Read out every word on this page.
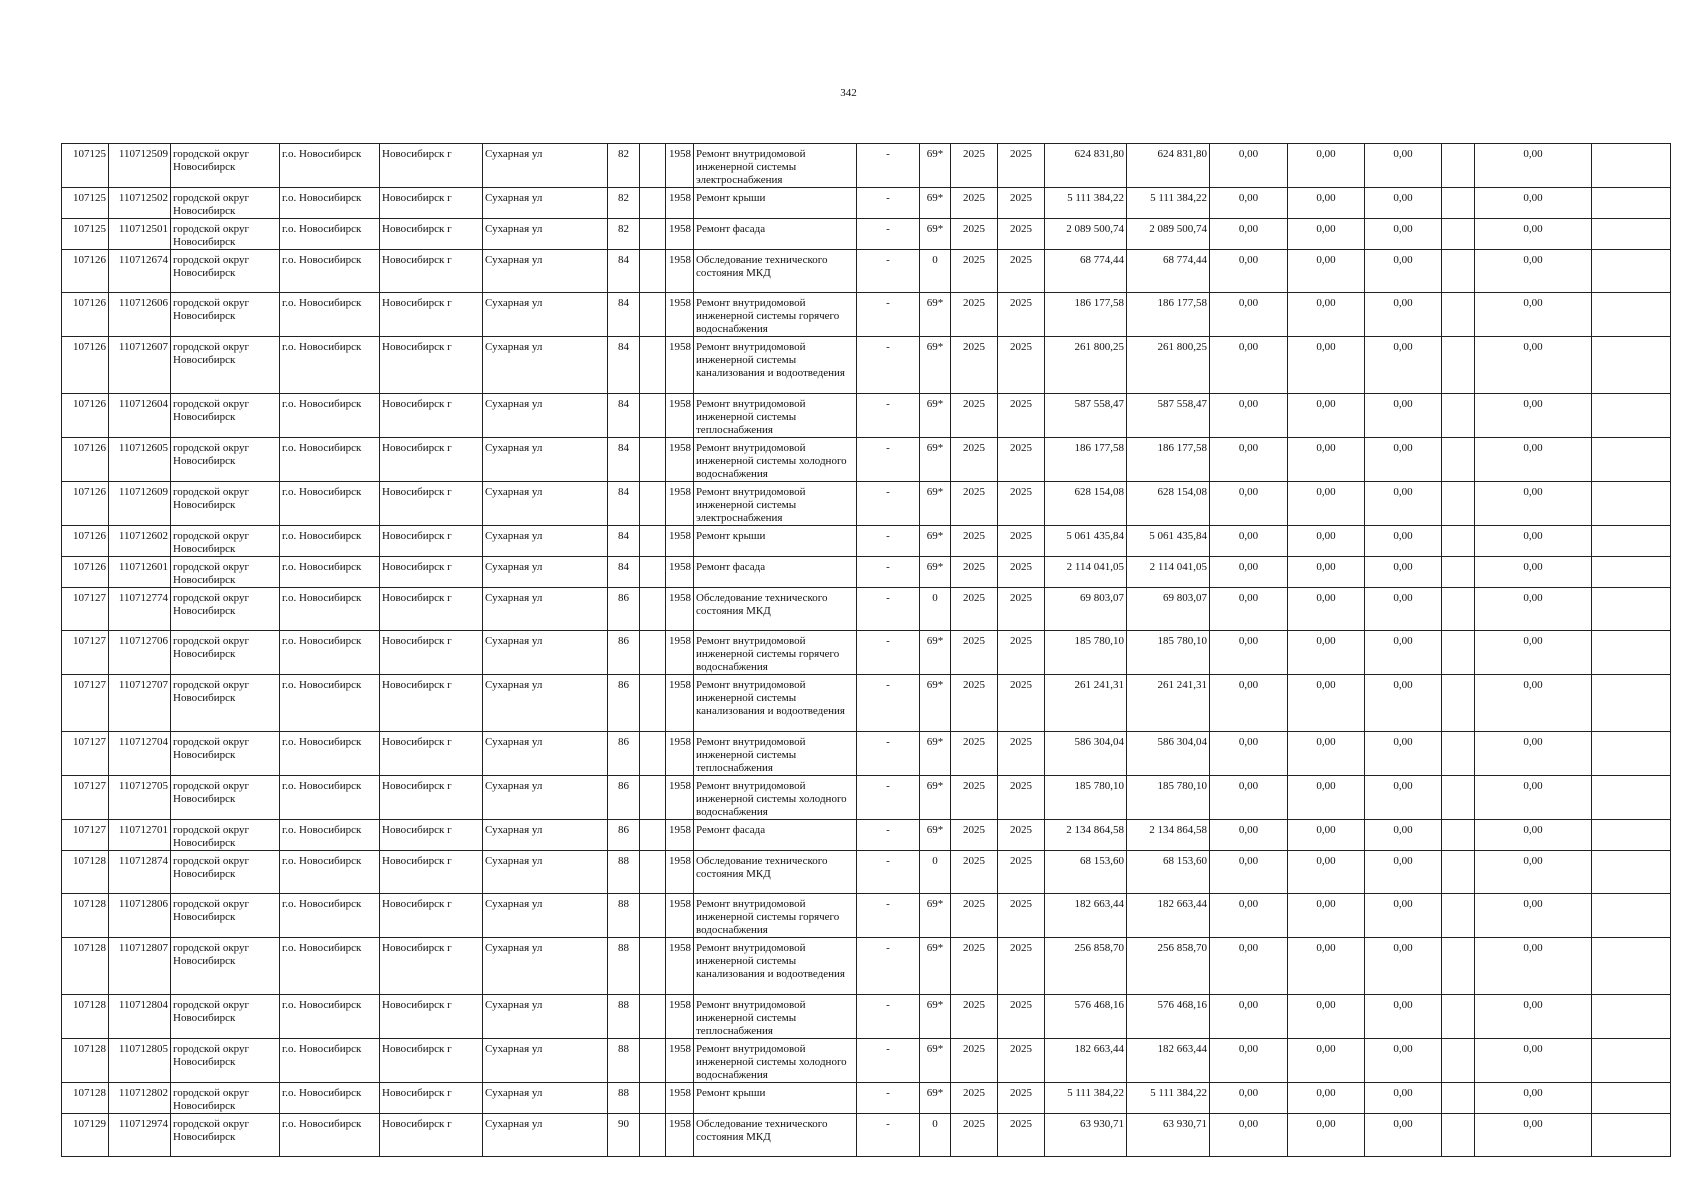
342
107125	110712509	городской округ Новосибирск	г.о. Новосибирск	Новосибирск г	Сухарная ул	82		1958	Ремонт внутридомовой инженерной системы электроснабжения	-	69*	2025	2025	624 831,80	624 831,80	0,00	0,00	0,00		0,00	
107125	110712502	городской округ Новосибирск	г.о. Новосибирск	Новосибирск г	Сухарная ул	82		1958	Ремонт крыши	-	69*	2025	2025	5 111 384,22	5 111 384,22	0,00	0,00	0,00		0,00	
107125	110712501	городской округ Новосибирск	г.о. Новосибирск	Новосибирск г	Сухарная ул	82		1958	Ремонт фасада	-	69*	2025	2025	2 089 500,74	2 089 500,74	0,00	0,00	0,00		0,00	
107126	110712674	городской округ Новосибирск	г.о. Новосибирск	Новосибирск г	Сухарная ул	84		1958	Обследование технического состояния МКД	-	0	2025	2025	68 774,44	68 774,44	0,00	0,00	0,00		0,00	
107126	110712606	городской округ Новосибирск	г.о. Новосибирск	Новосибирск г	Сухарная ул	84		1958	Ремонт внутридомовой инженерной системы горячего водоснабжения	-	69*	2025	2025	186 177,58	186 177,58	0,00	0,00	0,00		0,00	
107126	110712607	городской округ Новосибирск	г.о. Новосибирск	Новосибирск г	Сухарная ул	84		1958	Ремонт внутридомовой инженерной системы канализования и водоотведения	-	69*	2025	2025	261 800,25	261 800,25	0,00	0,00	0,00		0,00	
107126	110712604	городской округ Новосибирск	г.о. Новосибирск	Новосибирск г	Сухарная ул	84		1958	Ремонт внутридомовой инженерной системы теплоснабжения	-	69*	2025	2025	587 558,47	587 558,47	0,00	0,00	0,00		0,00	
107126	110712605	городской округ Новосибирск	г.о. Новосибирск	Новосибирск г	Сухарная ул	84		1958	Ремонт внутридомовой инженерной системы холодного водоснабжения	-	69*	2025	2025	186 177,58	186 177,58	0,00	0,00	0,00		0,00	
107126	110712609	городской округ Новосибирск	г.о. Новосибирск	Новосибирск г	Сухарная ул	84		1958	Ремонт внутридомовой инженерной системы электроснабжения	-	69*	2025	2025	628 154,08	628 154,08	0,00	0,00	0,00		0,00	
107126	110712602	городской округ Новосибирск	г.о. Новосибирск	Новосибирск г	Сухарная ул	84		1958	Ремонт крыши	-	69*	2025	2025	5 061 435,84	5 061 435,84	0,00	0,00	0,00		0,00	
107126	110712601	городской округ Новосибирск	г.о. Новосибирск	Новосибирск г	Сухарная ул	84		1958	Ремонт фасада	-	69*	2025	2025	2 114 041,05	2 114 041,05	0,00	0,00	0,00		0,00	
107127	110712774	городской округ Новосибирск	г.о. Новосибирск	Новосибирск г	Сухарная ул	86		1958	Обследование технического состояния МКД	-	0	2025	2025	69 803,07	69 803,07	0,00	0,00	0,00		0,00	
107127	110712706	городской округ Новосибирск	г.о. Новосибирск	Новосибирск г	Сухарная ул	86		1958	Ремонт внутридомовой инженерной системы горячего водоснабжения	-	69*	2025	2025	185 780,10	185 780,10	0,00	0,00	0,00		0,00	
107127	110712707	городской округ Новосибирск	г.о. Новосибирск	Новосибирск г	Сухарная ул	86		1958	Ремонт внутридомовой инженерной системы канализования и водоотведения	-	69*	2025	2025	261 241,31	261 241,31	0,00	0,00	0,00		0,00	
107127	110712704	городской округ Новосибирск	г.о. Новосибирск	Новосибирск г	Сухарная ул	86		1958	Ремонт внутридомовой инженерной системы теплоснабжения	-	69*	2025	2025	586 304,04	586 304,04	0,00	0,00	0,00		0,00	
107127	110712705	городской округ Новосибирск	г.о. Новосибирск	Новосибирск г	Сухарная ул	86		1958	Ремонт внутридомовой инженерной системы холодного водоснабжения	-	69*	2025	2025	185 780,10	185 780,10	0,00	0,00	0,00		0,00	
107127	110712701	городской округ Новосибирск	г.о. Новосибирск	Новосибирск г	Сухарная ул	86		1958	Ремонт фасада	-	69*	2025	2025	2 134 864,58	2 134 864,58	0,00	0,00	0,00		0,00	
107128	110712874	городской округ Новосибирск	г.о. Новосибирск	Новосибирск г	Сухарная ул	88		1958	Обследование технического состояния МКД	-	0	2025	2025	68 153,60	68 153,60	0,00	0,00	0,00		0,00	
107128	110712806	городской округ Новосибирск	г.о. Новосибирск	Новосибирск г	Сухарная ул	88		1958	Ремонт внутридомовой инженерной системы горячего водоснабжения	-	69*	2025	2025	182 663,44	182 663,44	0,00	0,00	0,00		0,00	
107128	110712807	городской округ Новосибирск	г.о. Новосибирск	Новосибирск г	Сухарная ул	88		1958	Ремонт внутридомовой инженерной системы канализования и водоотведения	-	69*	2025	2025	256 858,70	256 858,70	0,00	0,00	0,00		0,00	
107128	110712804	городской округ Новосибирск	г.о. Новосибирск	Новосибирск г	Сухарная ул	88		1958	Ремонт внутридомовой инженерной системы теплоснабжения	-	69*	2025	2025	576 468,16	576 468,16	0,00	0,00	0,00		0,00	
107128	110712805	городской округ Новосибирск	г.о. Новосибирск	Новосибирск г	Сухарная ул	88		1958	Ремонт внутридомовой инженерной системы холодного водоснабжения	-	69*	2025	2025	182 663,44	182 663,44	0,00	0,00	0,00		0,00	
107128	110712802	городской округ Новосибирск	г.о. Новосибирск	Новосибирск г	Сухарная ул	88		1958	Ремонт крыши	-	69*	2025	2025	5 111 384,22	5 111 384,22	0,00	0,00	0,00		0,00	
107129	110712974	городской округ Новосибирск	г.о. Новосибирск	Новосибирск г	Сухарная ул	90		1958	Обследование технического состояния МКД	-	0	2025	2025	63 930,71	63 930,71	0,00	0,00	0,00		0,00	
